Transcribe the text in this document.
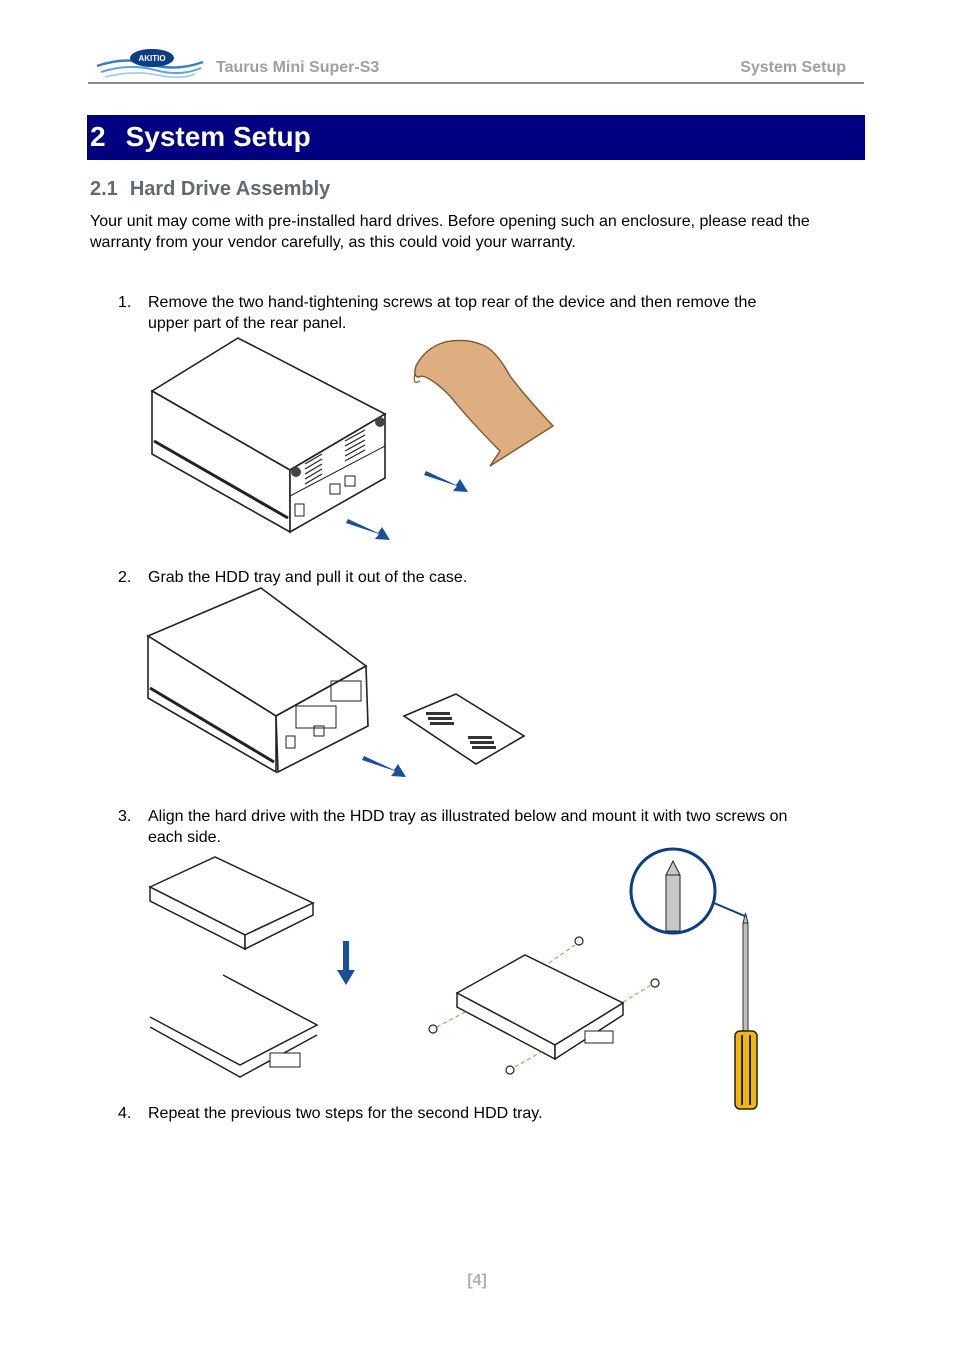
AKITIO
Taurus Mini Super-S3	System Setup
2 System Setup
2.1 Hard Drive Assembly
Your unit may come with pre-installed hard drives. Before opening such an enclosure, please read the warranty from your vendor carefully, as this could void your warranty.
1. Remove the two hand-tightening screws at top rear of the device and then remove the
upper part of the rear panel.
2. Grab the HDD tray and pull it out of the case.
3. Align the hard drive with the HDD tray as illustrated below and mount it with two screws on
each side.
4. Repeat the previous two steps for the second HDD tray.
[4]
